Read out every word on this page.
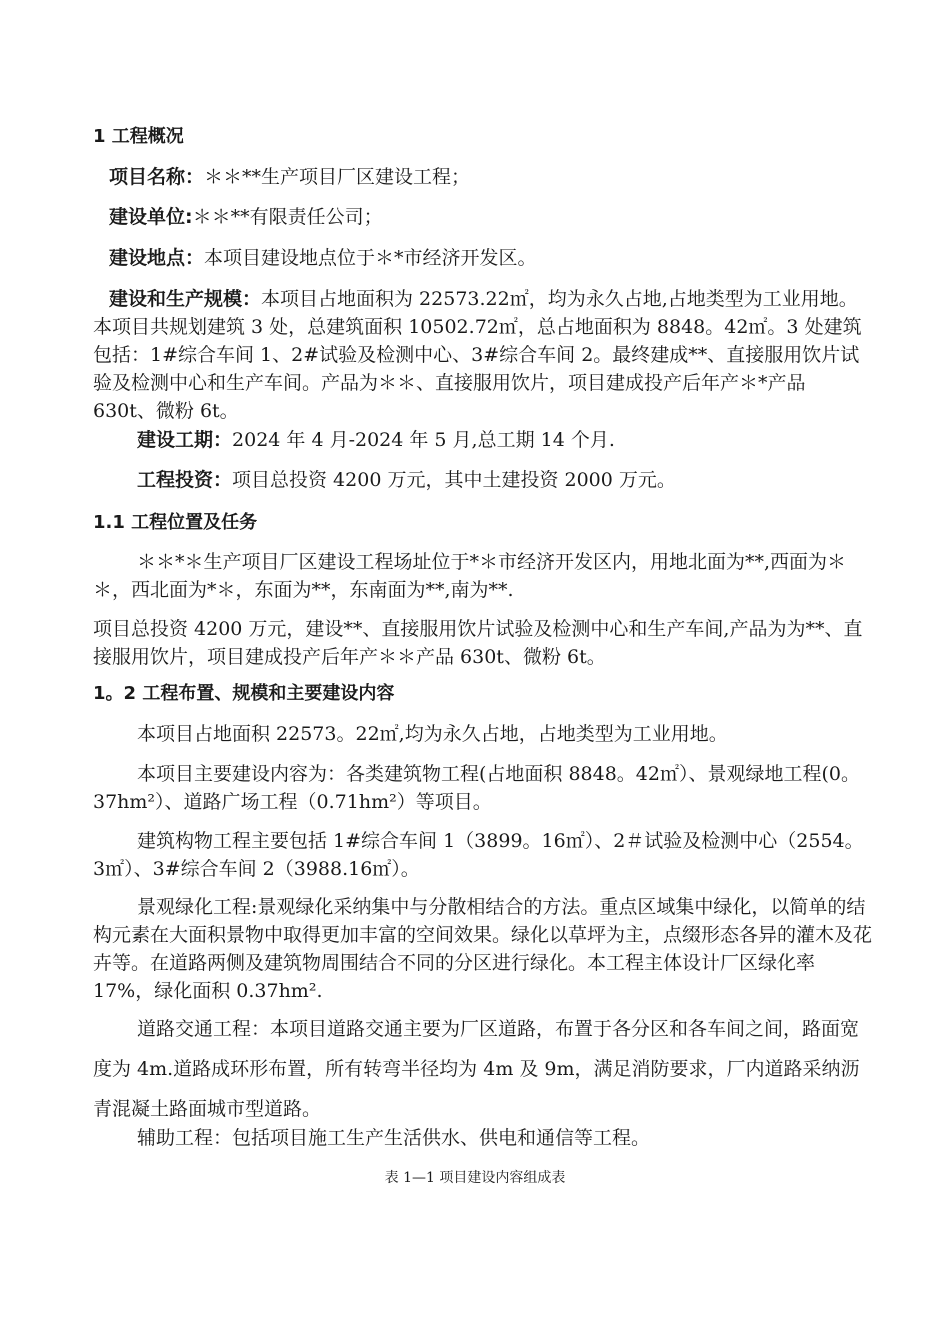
1 工程概况

项目名称：＊＊**生产项目厂区建设工程；

建设单位:＊＊**有限责任公司；

建设地点：本项目建设地点位于＊*市经济开发区。

建设和生产规模：本项目占地面积为 22573.22㎡，均为永久占地,占地类型为工业用地。本项目共规划建筑 3 处，总建筑面积 10502.72㎡，总占地面积为 8848。42㎡。3 处建筑包括：1#综合车间 1、2#试验及检测中心、3#综合车间 2。最终建成**、直接服用饮片试验及检测中心和生产车间。产品为＊＊、直接服用饮片，项目建成投产后年产＊*产品 630t、微粉 6t。

建设工期：2024 年 4 月-2024 年 5 月,总工期 14 个月.

工程投资：项目总投资 4200 万元，其中土建投资 2000 万元。

1.1 工程位置及任务

＊＊*＊生产项目厂区建设工程场址位于*＊市经济开发区内，用地北面为**,西面为＊＊，西北面为*＊，东面为**，东南面为**,南为**.

项目总投资 4200 万元，建设**、直接服用饮片试验及检测中心和生产车间,产品为为**、直接服用饮片，项目建成投产后年产＊＊产品 630t、微粉 6t。

1。2 工程布置、规模和主要建设内容

本项目占地面积 22573。22㎡,均为永久占地，占地类型为工业用地。

本项目主要建设内容为：各类建筑物工程(占地面积 8848。42㎡）、景观绿地工程(0。37hm²）、道路广场工程（0.71hm²）等项目。

建筑构物工程主要包括 1#综合车间 1（3899。16㎡）、2＃试验及检测中心（2554。3㎡）、3#综合车间 2（3988.16㎡）。

景观绿化工程:景观绿化采纳集中与分散相结合的方法。重点区域集中绿化，以简单的结构元素在大面积景物中取得更加丰富的空间效果。绿化以草坪为主，点缀形态各异的灌木及花卉等。在道路两侧及建筑物周围结合不同的分区进行绿化。本工程主体设计厂区绿化率 17%，绿化面积 0.37hm².

道路交通工程：本项目道路交通主要为厂区道路，布置于各分区和各车间之间，路面宽度为 4m.道路成环形布置，所有转弯半径均为 4m 及 9m，满足消防要求，厂内道路采纳沥青混凝土路面城市型道路。

辅助工程：包括项目施工生产生活供水、供电和通信等工程。

表 1—1 项目建设内容组成表
